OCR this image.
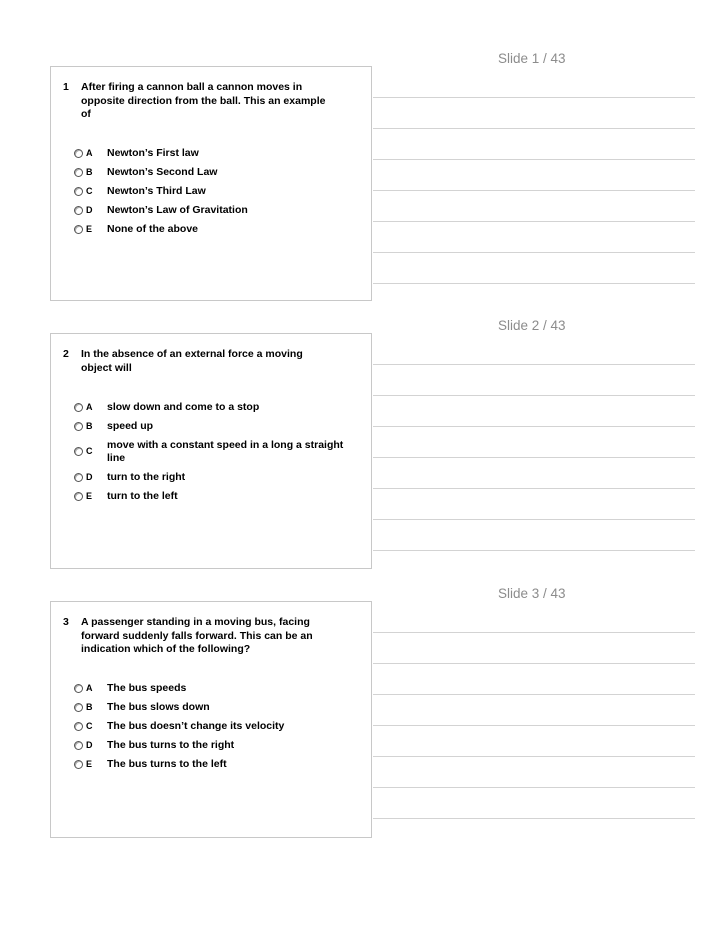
Slide 1 / 43
1 After firing a cannon ball a cannon moves in opposite direction from the ball. This an example of
A Newton’s First law
B Newton’s Second Law
C Newton’s Third Law
D Newton’s Law of Gravitation
E None of the above
Slide 2 / 43
2 In the absence of an external force a moving object will
A slow down and come to a stop
B speed up
C move with a constant speed in a long a straight line
D turn to the right
E turn to the left
Slide 3 / 43
3 A passenger standing in a moving bus, facing forward suddenly falls forward. This can be an indication which of the following?
A The bus speeds
B The bus slows down
C The bus doesn’t change its velocity
D The bus turns to the right
E The bus turns to the left
